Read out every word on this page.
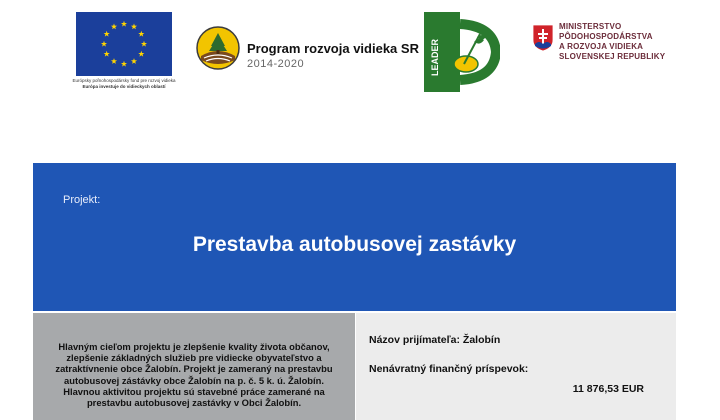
Európsky poľnohospodársky fond pre rozvoj vidieka
Európa investuje do vidieckych oblastí
Program rozvoja vidieka SR
2014-2020	LEADER
MINISTERSTVO
PÔDOHOSPODÁRSTVA
A ROZVOJA VIDIEKA
SLOVENSKEJ REPUBLIKY
Projekt:
Prestavba autobusovej zastávky
Hlavným cieľom projektu je zlepšenie kvality života občanov,
zlepšenie základných služieb pre vidiecke obyvateľstvo a
zatraktívnenie obce Žalobín. Projekt je zameraný na prestavbu
autobusovej zástávky obce Žalobín na p. č. 5 k. ú. Žalobín.
Hlavnou aktivitou projektu sú stavebné práce zamerané na
prestavbu autobusovej zastávky v Obci Žalobín.
Názov prijímateľa: Žalobín
Nenávratný finančný príspevok:
11 876,53 EUR
